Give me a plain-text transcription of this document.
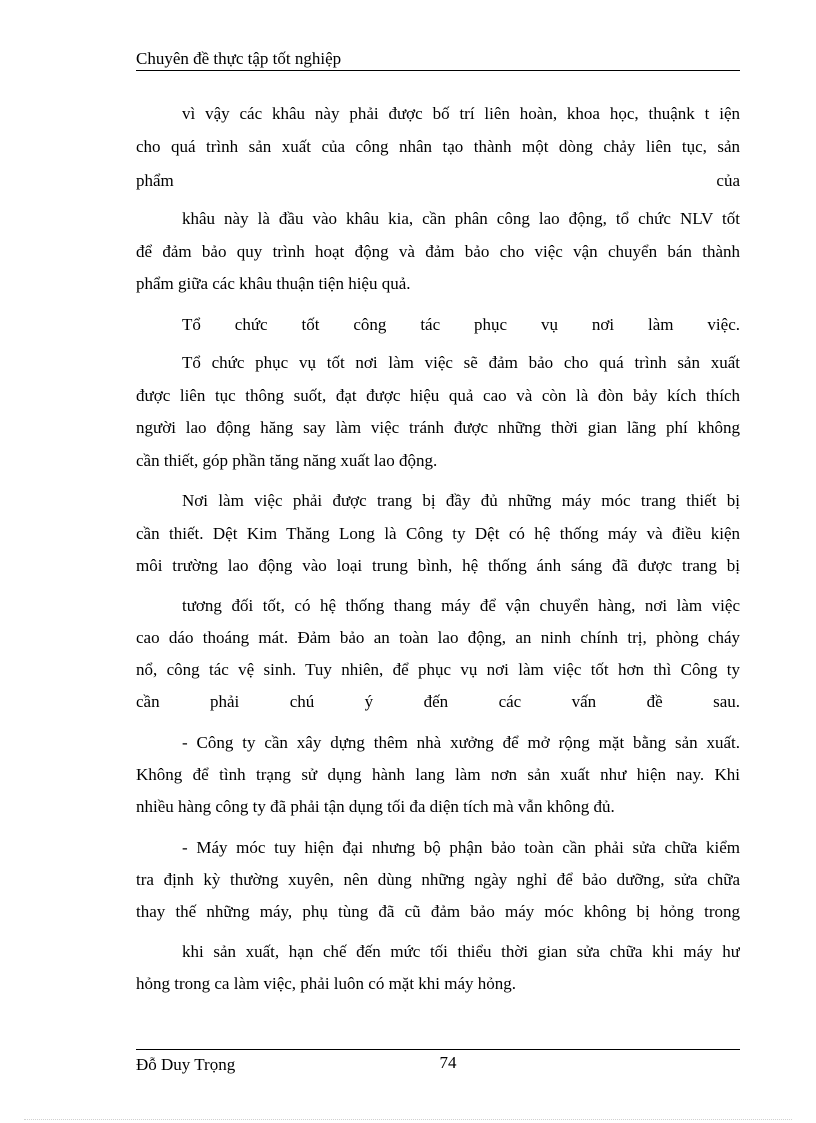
Chuyên đề thực tập tốt nghiệp
vì vậy các khâu này phải được bố trí liên hoàn, khoa học, thuậnk t iện
cho quá trình sản xuất của công nhân tạo thành một dòng chảy liên tục, sản
phẩm của
khâu này là đầu vào khâu kia, cần phân công lao động, tổ chức NLV tốt
để đảm bảo quy trình hoạt động và đảm bảo cho việc vận chuyển bán thành
phẩm giữa các khâu thuận tiện hiệu quả.
Tổ chức tốt công tác phục vụ nơi làm việc.
Tổ chức phục vụ tốt nơi làm việc sẽ đảm bảo cho quá trình sản xuất
được liên tục thông suốt, đạt được hiệu quả cao và còn là đòn bảy kích thích
người lao động hăng say làm việc tránh được những thời gian lãng phí không
cần thiết, góp phần tăng năng xuất lao động.
Nơi làm việc phải được trang bị đầy đủ những máy móc trang thiết bị
cần thiết. Dệt Kim Thăng Long là Công ty Dệt có hệ thống máy và điều kiện
môi trường lao động vào loại trung bình, hệ thống ánh sáng đã được trang bị
tương đối tốt, có hệ thống thang máy để vận chuyển hàng, nơi làm việc
cao dáo thoáng mát. Đảm bảo an toàn lao động, an ninh chính trị, phòng cháy
nổ, công tác vệ sinh. Tuy nhiên, để phục vụ nơi làm việc tốt hơn thì Công ty
cần phải chú ý đến các vấn đề sau.
- Công ty cần xây dựng thêm nhà xưởng để mở rộng mặt bằng sản xuất.
Không để tình trạng sử dụng hành lang làm nơn sản xuất như hiện nay. Khi
nhiều hàng công ty đã phải tận dụng tối đa diện tích mà vẫn không đủ.
- Máy móc tuy hiện đại nhưng bộ phận bảo toàn cần phải sửa chữa kiểm
tra định kỳ thường xuyên, nên dùng những ngày nghỉ để bảo dưỡng, sửa chữa
thay thế những máy, phụ tùng đã cũ đảm bảo máy móc không bị hỏng trong
khi sản xuất, hạn chế đến mức tối thiểu thời gian sửa chữa khi máy hư
hỏng trong ca làm việc, phải luôn có mặt khi máy hỏng.
Đỗ Duy Trọng	74
